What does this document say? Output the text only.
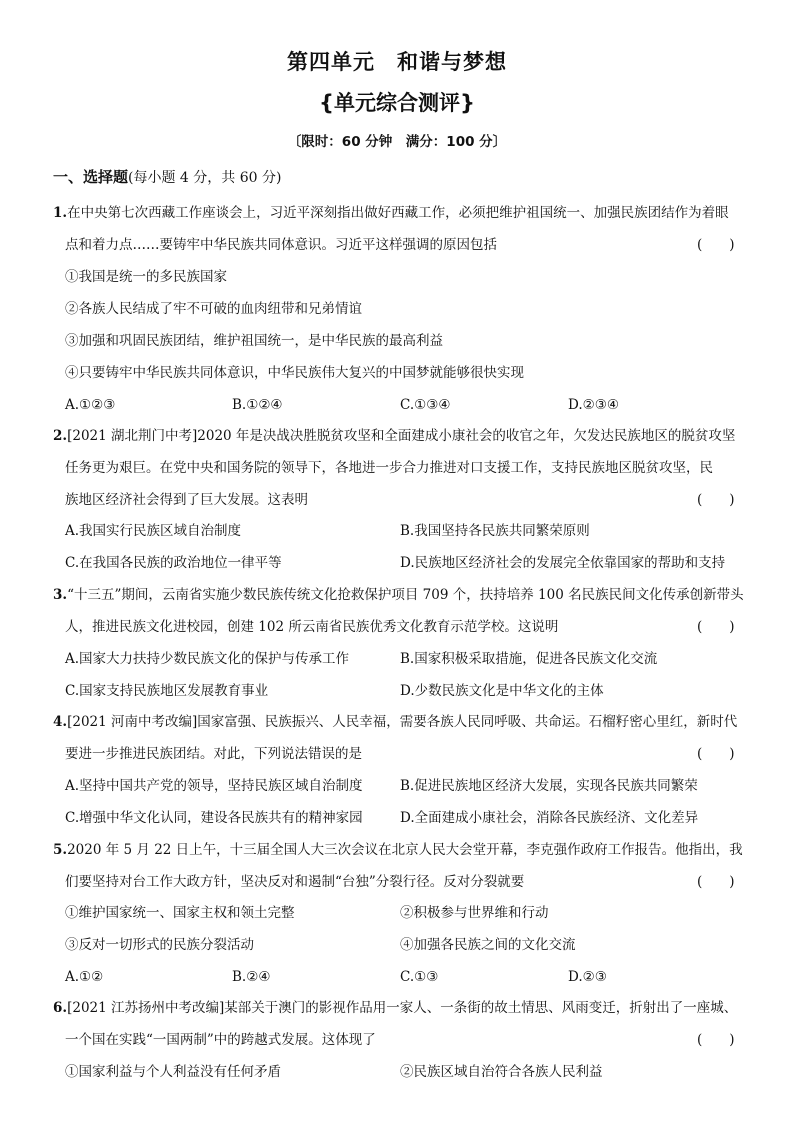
第四单元　和谐与梦想
{单元综合测评}
〔限时：60 分钟　满分：100 分〕
一、选择题(每小题 4 分，共 60 分)
1.在中央第七次西藏工作座谈会上，习近平深刻指出做好西藏工作，必须把维护祖国统一、加强民族团结作为着眼
点和着力点……要铸牢中华民族共同体意识。习近平这样强调的原因包括	(　　)
①我国是统一的多民族国家
②各族人民结成了牢不可破的血肉纽带和兄弟情谊
③加强和巩固民族团结，维护祖国统一，是中华民族的最高利益
④只要铸牢中华民族共同体意识，中华民族伟大复兴的中国梦就能够很快实现
A.①②③	B.①②④	C.①③④	D.②③④
2.[2021 湖北荆门中考]2020 年是决战决胜脱贫攻坚和全面建成小康社会的收官之年，欠发达民族地区的脱贫攻坚
任务更为艰巨。在党中央和国务院的领导下，各地进一步合力推进对口支援工作，支持民族地区脱贫攻坚，民
族地区经济社会得到了巨大发展。这表明	(　　)
A.我国实行民族区域自治制度	B.我国坚持各民族共同繁荣原则
C.在我国各民族的政治地位一律平等	D.民族地区经济社会的发展完全依靠国家的帮助和支持
3.“十三五”期间，云南省实施少数民族传统文化抢救保护项目 709 个，扶持培养 100 名民族民间文化传承创新带头
人，推进民族文化进校园，创建 102 所云南省民族优秀文化教育示范学校。这说明	(　　)
A.国家大力扶持少数民族文化的保护与传承工作	B.国家积极采取措施，促进各民族文化交流
C.国家支持民族地区发展教育事业	D.少数民族文化是中华文化的主体
4.[2021 河南中考改编]国家富强、民族振兴、人民幸福，需要各族人民同呼吸、共命运。石榴籽密心里红，新时代
要进一步推进民族团结。对此，下列说法错误的是	(　　)
A.坚持中国共产党的领导，坚持民族区域自治制度	B.促进民族地区经济大发展，实现各民族共同繁荣
C.增强中华文化认同，建设各民族共有的精神家园	D.全面建成小康社会，消除各民族经济、文化差异
5.2020 年 5 月 22 日上午，十三届全国人大三次会议在北京人民大会堂开幕，李克强作政府工作报告。他指出，我
们要坚持对台工作大政方针，坚决反对和遏制“台独”分裂行径。反对分裂就要	(　　)
①维护国家统一、国家主权和领土完整	②积极参与世界维和行动
③反对一切形式的民族分裂活动	④加强各民族之间的文化交流
A.①②	B.②④	C.①③	D.②③
6.[2021 江苏扬州中考改编]某部关于澳门的影视作品用一家人、一条街的故土情思、风雨变迁，折射出了一座城、
一个国在实践“一国两制”中的跨越式发展。这体现了	(　　)
①国家利益与个人利益没有任何矛盾	②民族区域自治符合各族人民利益
